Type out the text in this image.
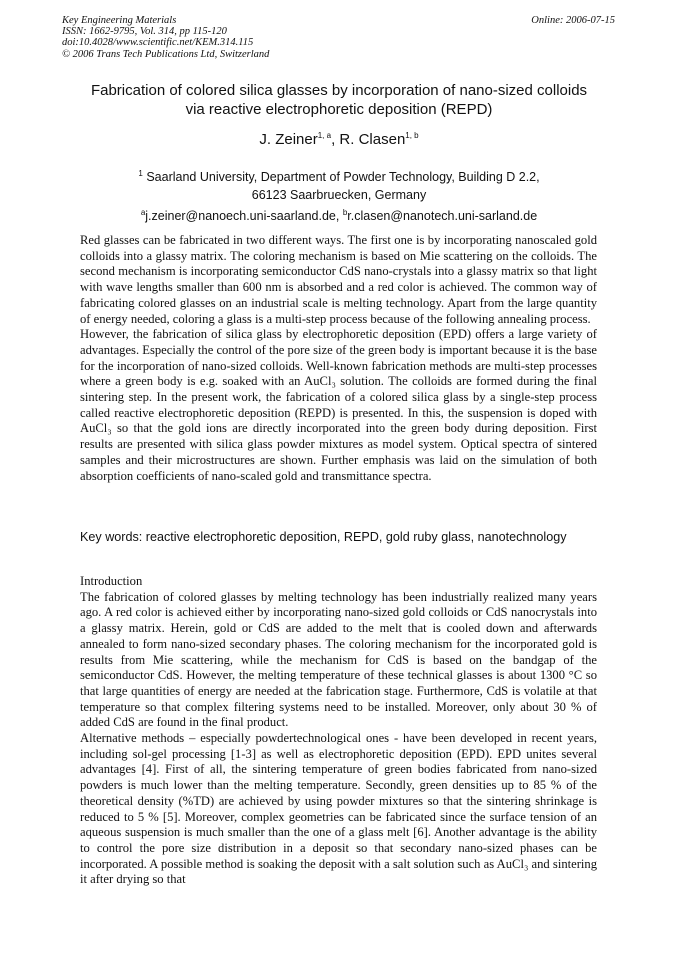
Key Engineering Materials
ISSN: 1662-9795, Vol. 314, pp 115-120
doi:10.4028/www.scientific.net/KEM.314.115
© 2006 Trans Tech Publications Ltd, Switzerland
Online: 2006-07-15
Fabrication of colored silica glasses by incorporation of nano-sized colloids via reactive electrophoretic deposition (REPD)
J. Zeiner$^{1, a}$, R. Clasen$^{1, b}$
$^1$ Saarland University, Department of Powder Technology, Building D 2.2,
66123 Saarbruecken, Germany
$^a$j.zeiner@nanoech.uni-saarland.de, $^b$r.clasen@nanotech.uni-sarland.de

Red glasses can be fabricated in two different ways. The first one is by incorporating nanoscaled gold colloids into a glassy matrix. The coloring mechanism is based on Mie scattering on the colloids. The second mechanism is incorporating semiconductor CdS nano-crystals into a glassy matrix so that light with wave lengths smaller than 600 nm is absorbed and a red color is achieved. The common way of fabricating colored glasses on an industrial scale is melting technology. Apart from the large quantity of energy needed, coloring a glass is a multi-step process because of the following annealing process.

However, the fabrication of silica glass by electrophoretic deposition (EPD) offers a large variety of advantages. Especially the control of the pore size of the green body is important because it is the base for the incorporation of nano-sized colloids. Well-known fabrication methods are multi-step processes where a green body is e.g. soaked with an AuCl₃ solution. The colloids are formed during the final sintering step. In the present work, the fabrication of a colored silica glass by a single-step process called reactive electrophoretic deposition (REPD) is presented. In this, the suspension is doped with AuCl₃ so that the gold ions are directly incorporated into the green body during deposition. First results are presented with silica glass powder mixtures as model system. Optical spectra of sintered samples and their microstructures are shown. Further emphasis was laid on the simulation of both absorption coefficients of nano-scaled gold and transmittance spectra.

Key words: reactive electrophoretic deposition, REPD, gold ruby glass, nanotechnology

Introduction

The fabrication of colored glasses by melting technology has been industrially realized many years ago. A red color is achieved either by incorporating nano-sized gold colloids or CdS nanocrystals into a glassy matrix. Herein, gold or CdS are added to the melt that is cooled down and afterwards annealed to form nano-sized secondary phases. The coloring mechanism for the incorporated gold is results from Mie scattering, while the mechanism for CdS is based on the bandgap of the semiconductor CdS. However, the melting temperature of these technical glasses is about 1300 °C so that large quantities of energy are needed at the fabrication stage. Furthermore, CdS is volatile at that temperature so that complex filtering systems need to be installed. Moreover, only about 30 % of added CdS are found in the final product.

Alternative methods – especially powdertechnological ones - have been developed in recent years, including sol-gel processing [1-3] as well as electrophoretic deposition (EPD). EPD unites several advantages [4]. First of all, the sintering temperature of green bodies fabricated from nano-sized powders is much lower than the melting temperature. Secondly, green densities up to 85 % of the theoretical density (%TD) are achieved by using powder mixtures so that the sintering shrinkage is reduced to 5 % [5]. Moreover, complex geometries can be fabricated since the surface tension of an aqueous suspension is much smaller than the one of a glass melt [6]. Another advantage is the ability to control the pore size distribution in a deposit so that secondary nano-sized phases can be incorporated. A possible method is soaking the deposit with a salt solution such as AuCl₃ and sintering it after drying so that
